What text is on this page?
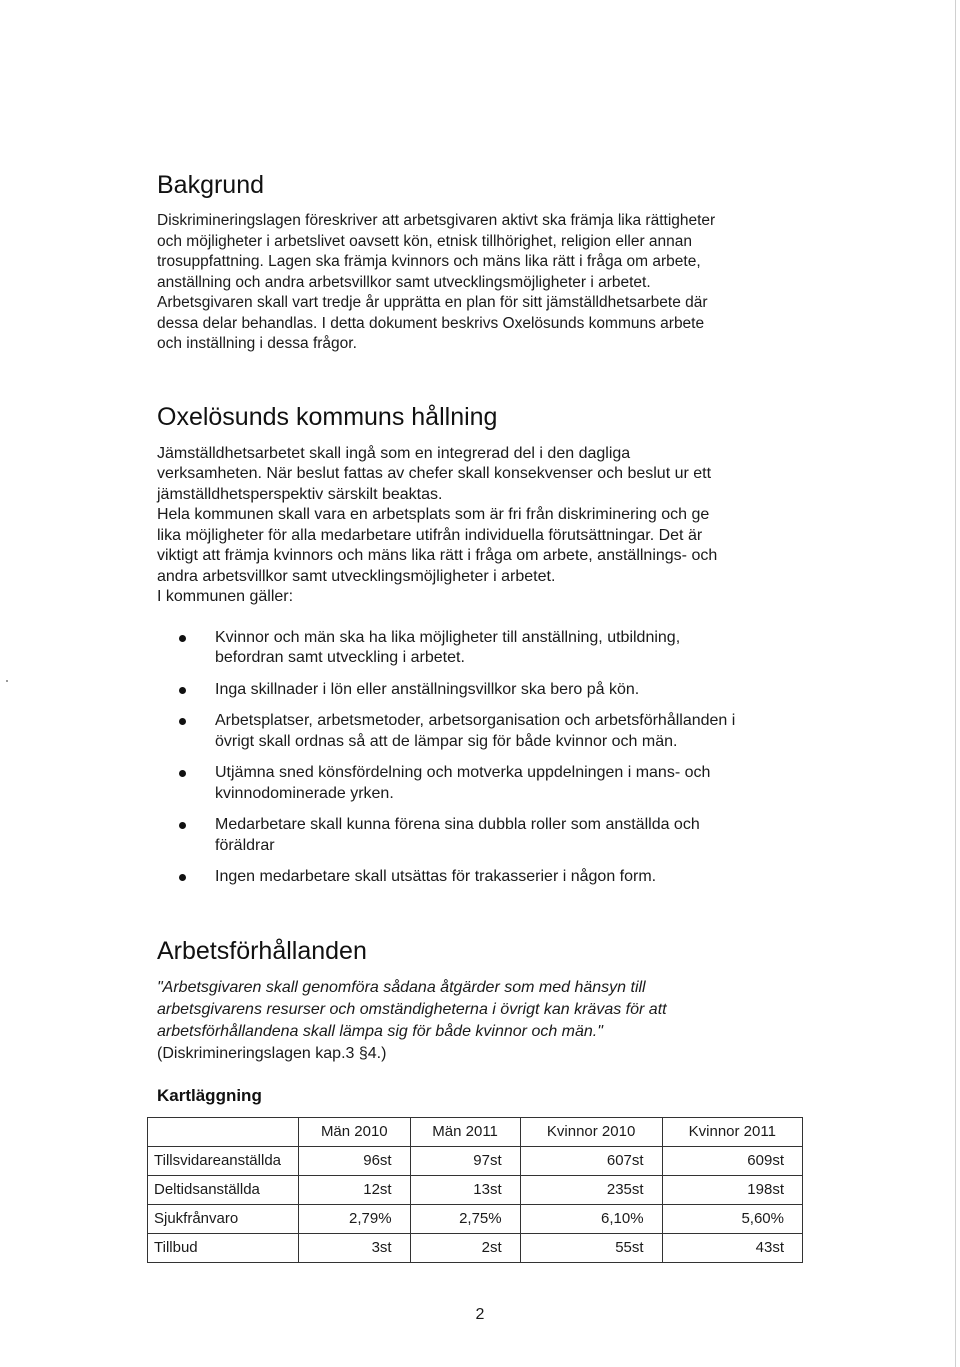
Bakgrund

Diskrimineringslagen föreskriver att arbetsgivaren aktivt ska främja lika rättigheter
och möjligheter i arbetslivet oavsett kön, etnisk tillhörighet, religion eller annan
trosuppfattning. Lagen ska främja kvinnors och mäns lika rätt i fråga om arbete,
anställning och andra arbetsvillkor samt utvecklingsmöjligheter i arbetet.
Arbetsgivaren skall vart tredje år upprätta en plan för sitt jämställdhetsarbete där
dessa delar behandlas. I detta dokument beskrivs Oxelösunds kommuns arbete
och inställning i dessa frågor.

Oxelösunds kommuns hållning

Jämställdhetsarbetet skall ingå som en integrerad del i den dagliga
verksamheten. När beslut fattas av chefer skall konsekvenser och beslut ur ett
jämställdhetsperspektiv särskilt beaktas.
Hela kommunen skall vara en arbetsplats som är fri från diskriminering och ge
lika möjligheter för alla medarbetare utifrån individuella förutsättningar. Det är
viktigt att främja kvinnors och mäns lika rätt i fråga om arbete, anställnings- och
andra arbetsvillkor samt utvecklingsmöjligheter i arbetet.
I kommunen gäller:

Kvinnor och män ska ha lika möjligheter till anställning, utbildning,
befordran samt utveckling i arbetet.
Inga skillnader i lön eller anställningsvillkor ska bero på kön.
Arbetsplatser, arbetsmetoder, arbetsorganisation och arbetsförhållanden i
övrigt skall ordnas så att de lämpar sig för både kvinnor och män.
Utjämna sned könsfördelning och motverka uppdelningen i mans- och
kvinnodominerade yrken.
Medarbetare skall kunna förena sina dubbla roller som anställda och
föräldrar
Ingen medarbetare skall utsättas för trakasserier i någon form.
Arbetsförhållanden

"Arbetsgivaren skall genomföra sådana åtgärder som med hänsyn till
arbetsgivarens resurser och omständigheterna i övrigt kan krävas för att
arbetsförhållandena skall lämpa sig för både kvinnor och män."

(Diskrimineringslagen kap.3 §4.)

Kartläggning
	Män 2010	Män 2011	Kvinnor 2010	Kvinnor 2011
Tillsvidareanställda	96st	97st	607st	609st
Deltidsanställda	12st	13st	235st	198st
Sjukfrånvaro	2,79%	2,75%	6,10%	5,60%
Tillbud	3st	2st	55st	43st
2
